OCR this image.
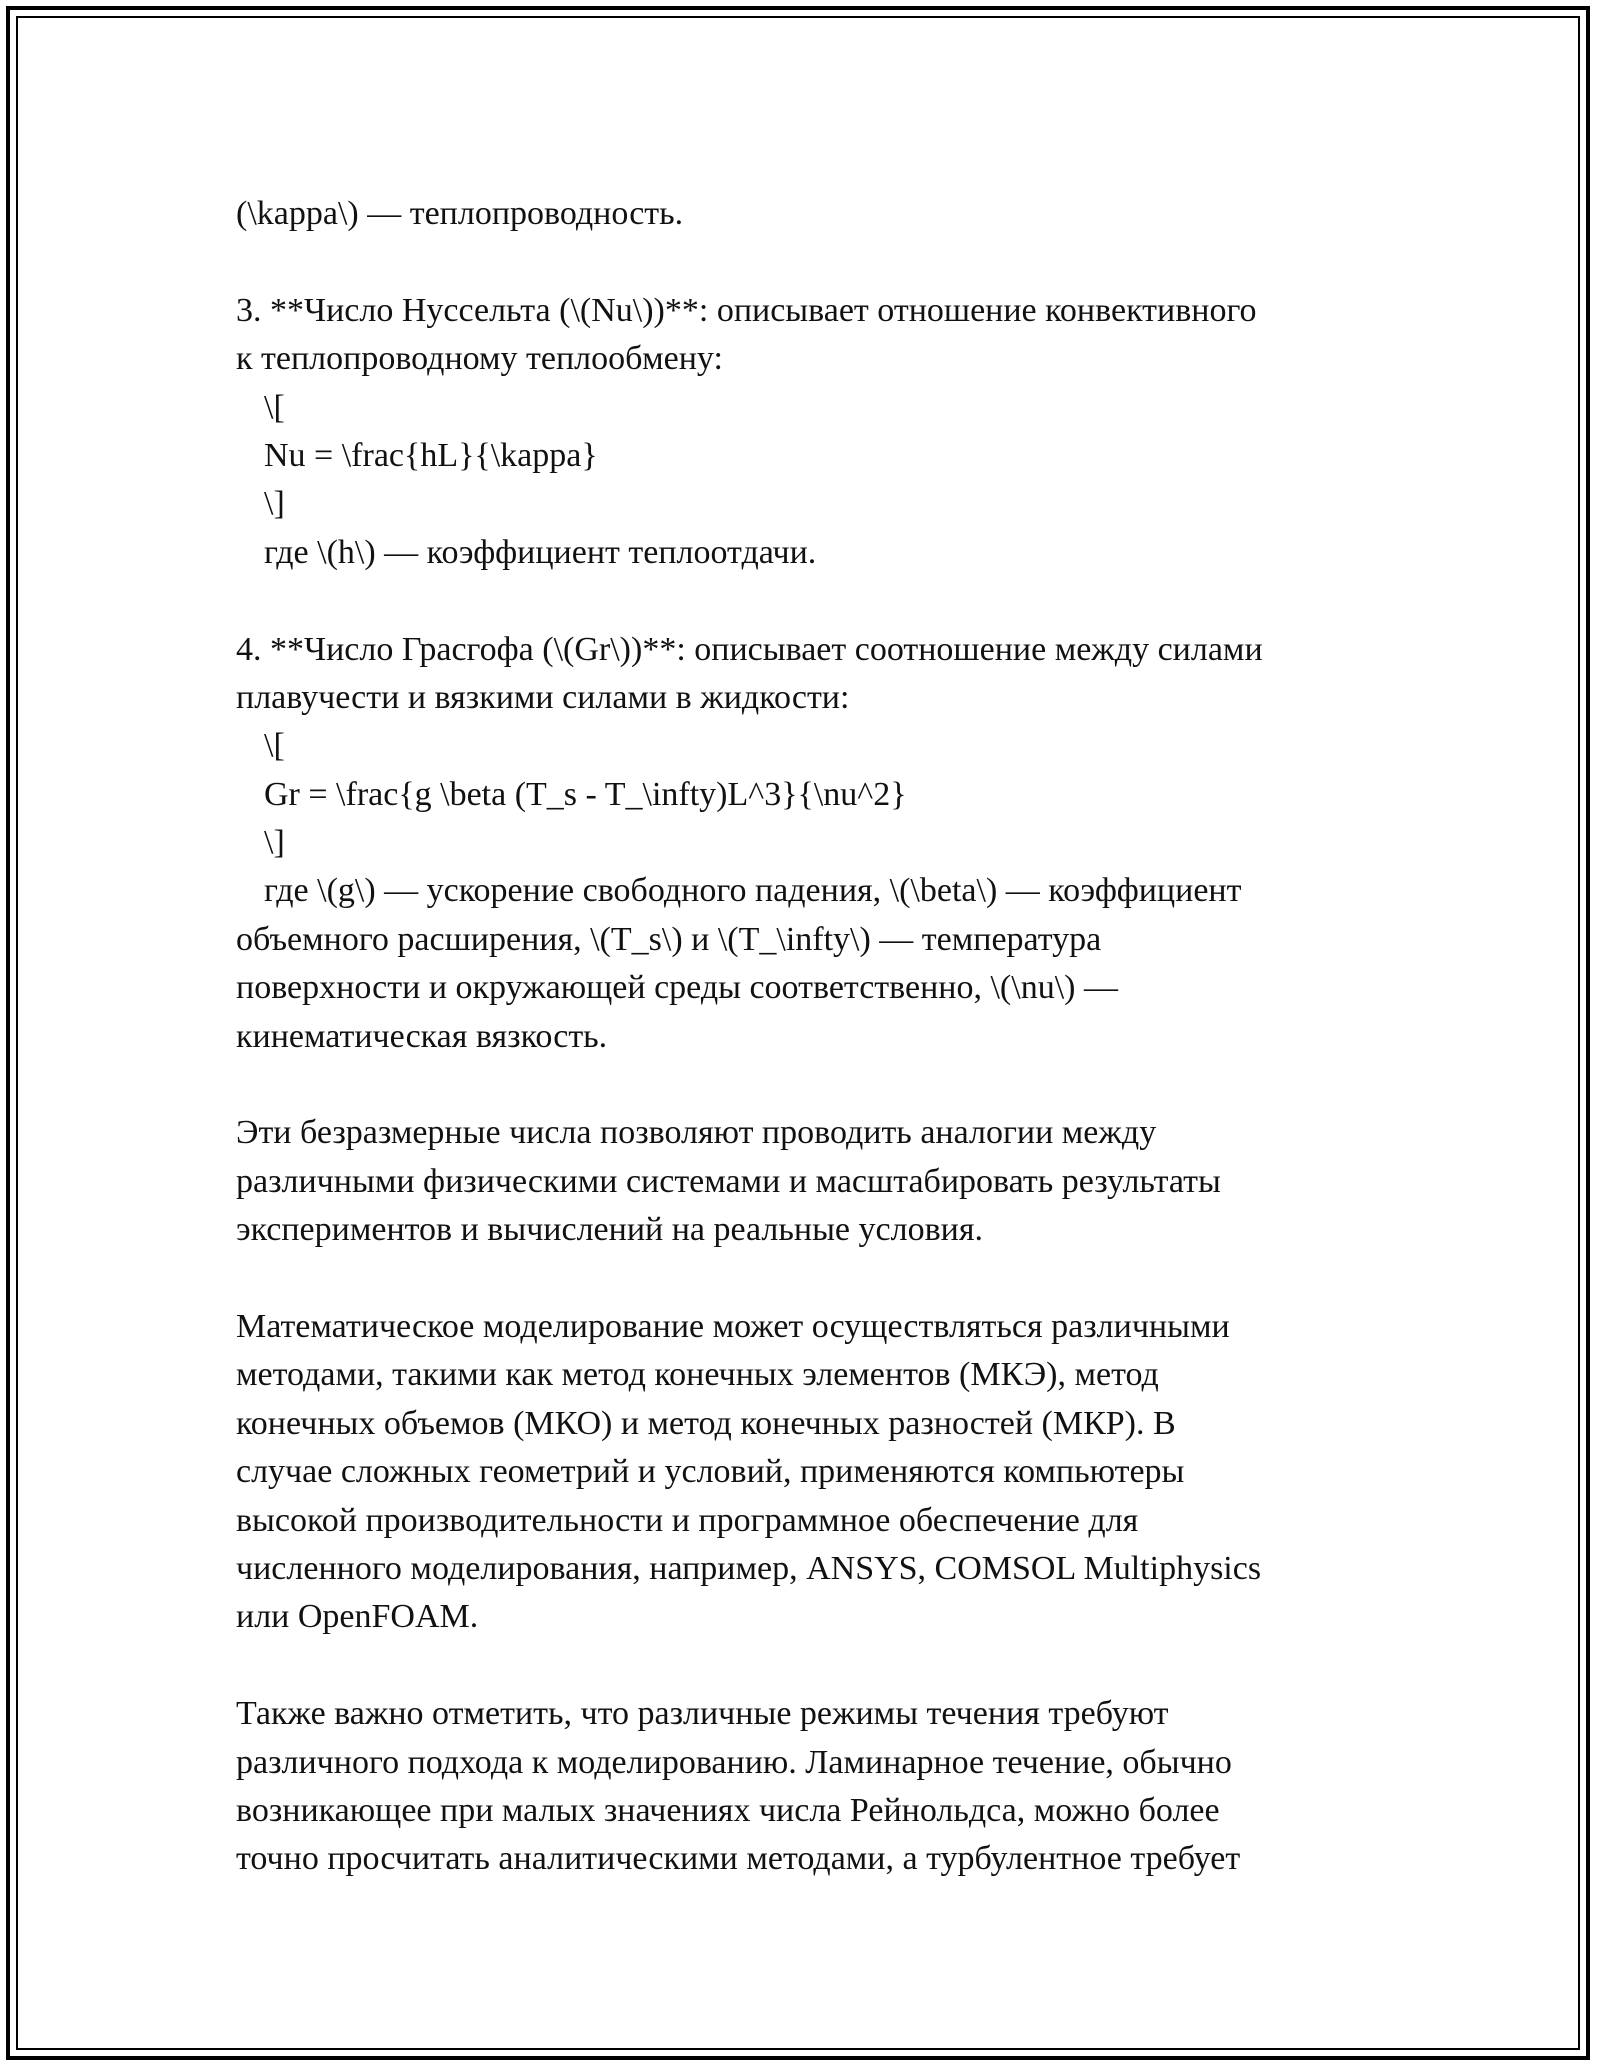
(\kappa\) — теплопроводность.
3. **Число Нуссельта (\(Nu\))**: описывает отношение конвективного
к теплопроводному теплообмену:
\[
Nu = \frac{hL}{\kappa}
\]
где \(h\) — коэффициент теплоотдачи.
4. **Число Грасгофа (\(Gr\))**: описывает соотношение между силами
плавучести и вязкими силами в жидкости:
\[
Gr = \frac{g \beta (T_s - T_\infty)L^3}{\nu^2}
\]
где \(g\) — ускорение свободного падения, \(\beta\) — коэффициент
объемного расширения, \(T_s\) и \(T_\infty\) — температура
поверхности и окружающей среды соответственно, \(\nu\) —
кинематическая вязкость.
Эти безразмерные числа позволяют проводить аналогии между
различными физическими системами и масштабировать результаты
экспериментов и вычислений на реальные условия.
Математическое моделирование может осуществляться различными
методами, такими как метод конечных элементов (МКЭ), метод
конечных объемов (МКО) и метод конечных разностей (МКР). В
случае сложных геометрий и условий, применяются компьютеры
высокой производительности и программное обеспечение для
численного моделирования, например, ANSYS, COMSOL Multiphysics
или OpenFOAM.
Также важно отметить, что различные режимы течения требуют
различного подхода к моделированию. Ламинарное течение, обычно
возникающее при малых значениях числа Рейнольдса, можно более
точно просчитать аналитическими методами, а турбулентное требует
